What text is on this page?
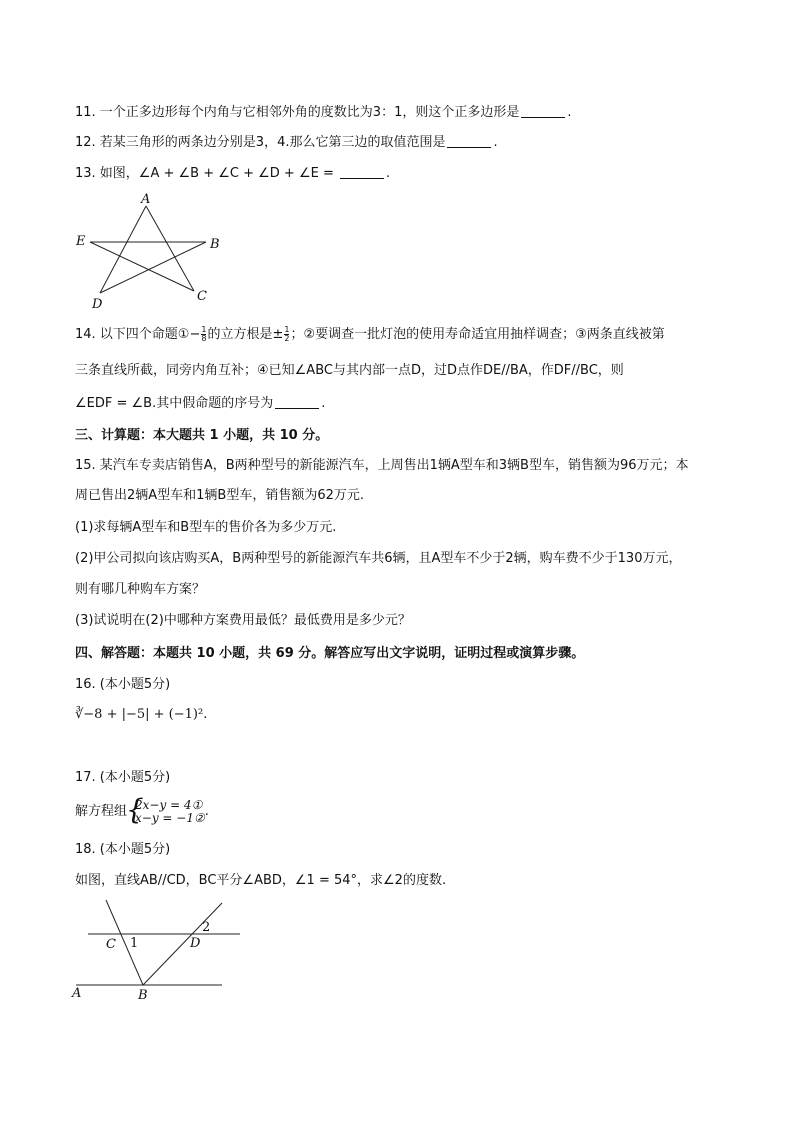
11. 一个正多边形每个内角与它相邻外角的度数比为3：1，则这个正多边形是	.
12. 若某三角形的两条边分别是3，4.那么它第三边的取值范围是	.
13. 如图，∠A + ∠B + ∠C + ∠D + ∠E =	.
A
B
C
D
E
14. 以下四个命题①− $\frac{1}{8}$ 的立方根是± $\frac{1}{2}$ ；②要调查一批灯泡的使用寿命适宜用抽样调查；③两条直线被第
三条直线所截，同旁内角互补；④已知∠ABC与其内部一点D，过D点作DE//BA，作DF//BC，则
∠EDF = ∠B.其中假命题的序号为	.
三、计算题：本大题共 1 小题，共 10 分。
15. 某汽车专卖店销售A，B两种型号的新能源汽车，上周售出1辆A型车和3辆B型车，销售额为96万元；本
周已售出2辆A型车和1辆B型车，销售额为62万元.
(1)求每辆A型车和B型车的售价各为多少万元.
(2)甲公司拟向该店购买A，B两种型号的新能源汽车共6辆，且A型车不少于2辆，购车费不少于130万元，
则有哪几种购车方案？
(3)试说明在(2)中哪种方案费用最低？最低费用是多少元？
四、解答题：本题共 10 小题，共 69 分。解答应写出文字说明，证明过程或演算步骤。
16. (本小题5分)
∛−8 + |−5| + (−1)².
17. (本小题5分)
解方程组
{ 2x−y = 4①
x−y = −1② .
18. (本小题5分)
如图，直线AB//CD，BC平分∠ABD，∠1 = 54°，求∠2的度数.
C 1	D
2
A	B
